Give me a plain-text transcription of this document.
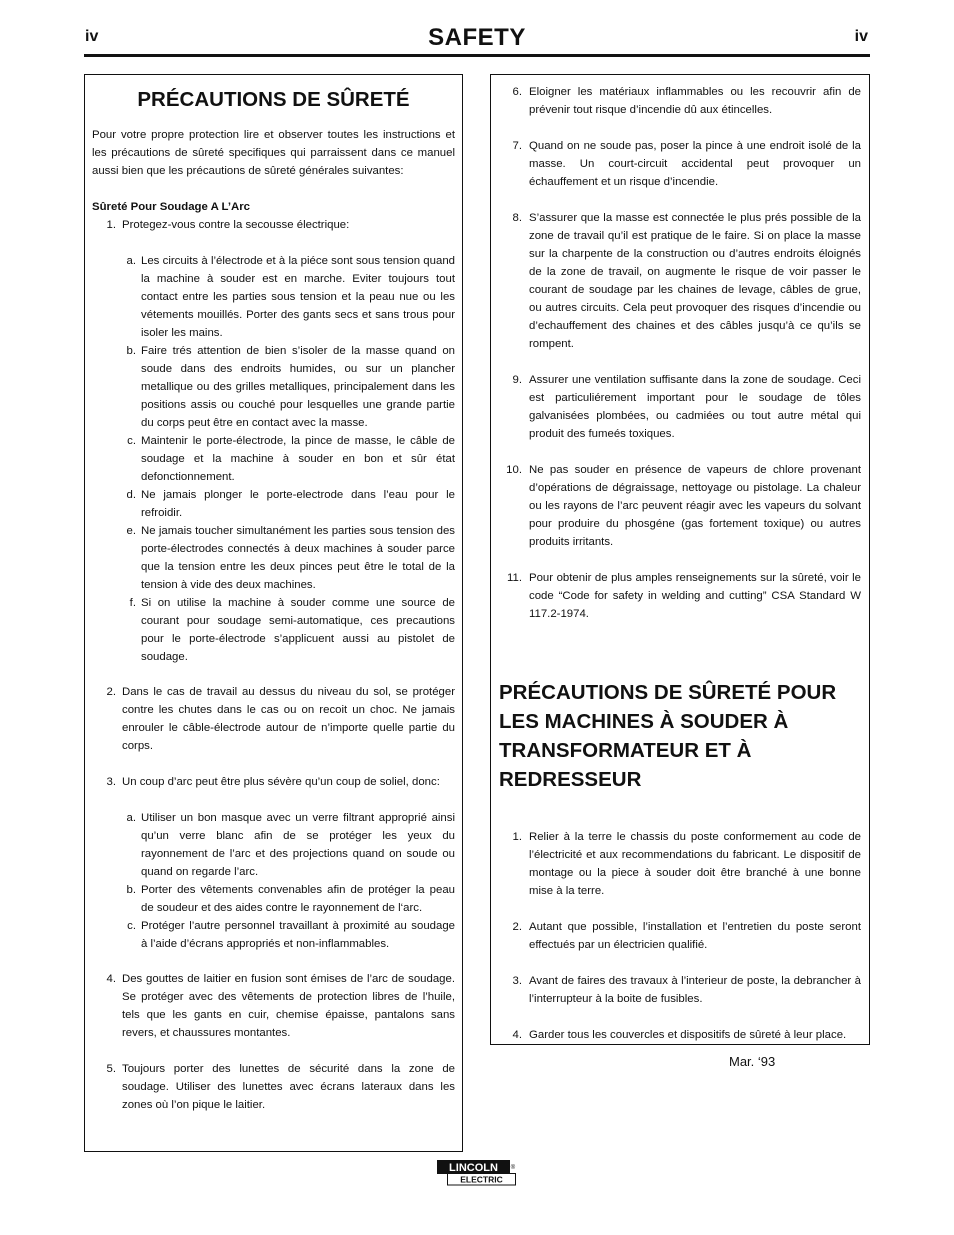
iv	SAFETY	iv
PRÉCAUTIONS DE SÛRETÉ

Pour votre propre protection lire et observer toutes les instructions et les précautions de sûreté specifiques qui parraissent dans ce manuel aussi bien que les précautions de sûreté générales suivantes:

Sûreté Pour Soudage A L’Arc
1. Protegez-vous contre la secousse électrique:
a. Les circuits à l’électrode et à la piéce sont sous tension quand la machine à souder est en marche. Eviter toujours tout contact entre les parties sous tension et la peau nue ou les vétements mouillés. Porter des gants secs et sans trous pour isoler les mains.
b. Faire trés attention de bien s’isoler de la masse quand on soude dans des endroits humides, ou sur un plancher metallique ou des grilles metalliques, principalement dans les positions assis ou couché pour lesquelles une grande partie du corps peut être en contact avec la masse.
c. Maintenir le porte-électrode, la pince de masse, le câble de soudage et la machine à souder en bon et sûr état defonctionnement.
d. Ne jamais plonger le porte-electrode dans l’eau pour le refroidir.
e. Ne jamais toucher simultanément les parties sous tension des porte-électrodes connectés à deux machines à souder parce que la tension entre les deux pinces peut être le total de la tension à vide des deux machines.
f. Si on utilise la machine à souder comme une source de courant pour soudage semi-automatique, ces precautions pour le porte-électrode s’applicuent aussi au pistolet de soudage.
2. Dans le cas de travail au dessus du niveau du sol, se protéger contre les chutes dans le cas ou on recoit un choc. Ne jamais enrouler le câble-électrode autour de n’importe quelle partie du corps.
3. Un coup d’arc peut être plus sévère qu’un coup de soliel, donc:
a. Utiliser un bon masque avec un verre filtrant approprié ainsi qu’un verre blanc afin de se protéger les yeux du rayonnement de l’arc et des projections quand on soude ou quand on regarde l’arc.
b. Porter des vêtements convenables afin de protéger la peau de soudeur et des aides contre le rayonnement de l‘arc.
c. Protéger l’autre personnel travaillant à proximité au soudage à l’aide d’écrans appropriés et non-inflammables.
4. Des gouttes de laitier en fusion sont émises de l’arc de soudage. Se protéger avec des vêtements de protection libres de l’huile, tels que les gants en cuir, chemise épaisse, pantalons sans revers, et chaussures montantes.
5. Toujours porter des lunettes de sécurité dans la zone de soudage. Utiliser des lunettes avec écrans lateraux dans les zones où l’on pique le laitier.
6. Eloigner les matériaux inflammables ou les recouvrir afin de prévenir tout risque d’incendie dû aux étincelles.
7. Quand on ne soude pas, poser la pince à une endroit isolé de la masse. Un court-circuit accidental peut provoquer un échauffement et un risque d’incendie.
8. S’assurer que la masse est connectée le plus prés possible de la zone de travail qu’il est pratique de le faire. Si on place la masse sur la charpente de la construction ou d’autres endroits éloignés de la zone de travail, on augmente le risque de voir passer le courant de soudage par les chaines de levage, câbles de grue, ou autres circuits. Cela peut provoquer des risques d’incendie ou d’echauffement des chaines et des câbles jusqu’à ce qu’ils se rompent.
9. Assurer une ventilation suffisante dans la zone de soudage. Ceci est particuliérement important pour le soudage de tôles galvanisées plombées, ou cadmiées ou tout autre métal qui produit des fumeés toxiques.
10. Ne pas souder en présence de vapeurs de chlore provenant d’opérations de dégraissage, nettoyage ou pistolage. La chaleur ou les rayons de l’arc peuvent réagir avec les vapeurs du solvant pour produire du phosgéne (gas fortement toxique) ou autres produits irritants.
11. Pour obtenir de plus amples renseignements sur la sûreté, voir le code “Code for safety in welding and cutting” CSA Standard W 117.2-1974.
PRÉCAUTIONS DE SÛRETÉ POUR LES MACHINES À SOUDER À TRANSFORMATEUR ET À REDRESSEUR
1. Relier à la terre le chassis du poste conformement au code de l’électricité et aux recommendations du fabricant. Le dispositif de montage ou la piece à souder doit être branché à une bonne mise à la terre.
2. Autant que possible, l’installation et l’entretien du poste seront effectués par un électricien qualifié.
3. Avant de faires des travaux à l’interieur de poste, la debrancher à l’interrupteur à la boite de fusibles.
4. Garder tous les couvercles et dispositifs de sûreté à leur place.
Mar. ‘93
LINCOLN
ELECTRIC
®
